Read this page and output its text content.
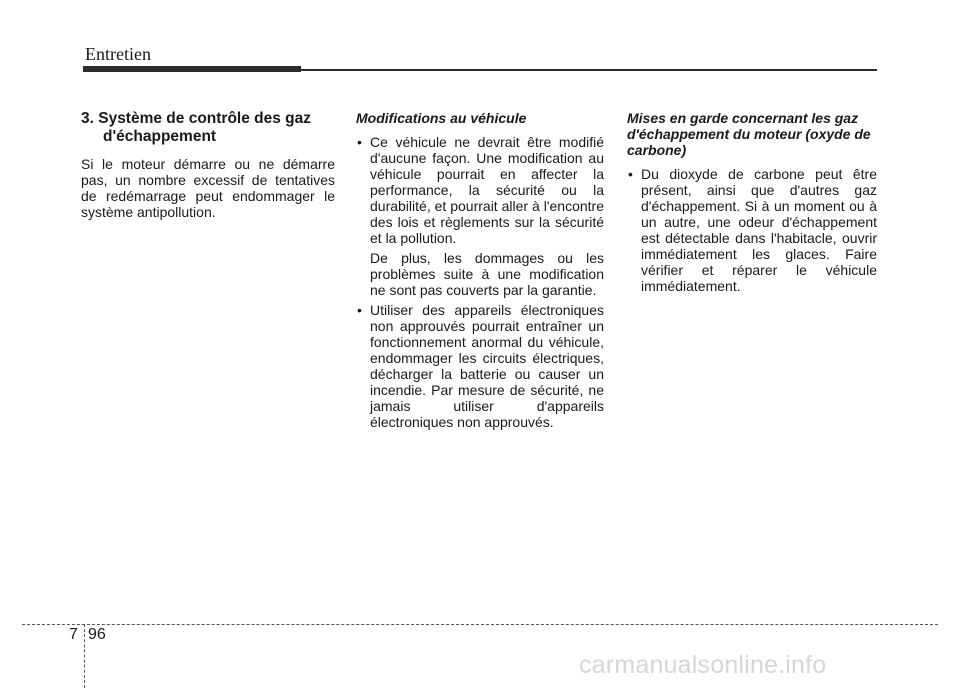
Entretien
3. Système de contrôle des gaz d'échappement

Si le moteur démarre ou ne démarre pas, un nombre excessif de tentatives de redémarrage peut endommager le système antipollution.

Modifications au véhicule
• Ce véhicule ne devrait être modifié d'aucune façon. Une modification au véhicule pourrait en affecter la performance, la sécurité ou la durabilité, et pourrait aller à l'encontre des lois et règlements sur la sécurité et la pollution.

De plus, les dommages ou les problèmes suite à une modification ne sont pas couverts par la garantie.

• Utiliser des appareils électroniques non approuvés pourrait entraîner un fonctionnement anormal du véhicule, endommager les circuits électriques, décharger la batterie ou causer un incendie. Par mesure de sécurité, ne jamais utiliser d'appareils électroniques non approuvés.

Mises en garde concernant les gaz d'échappement du moteur (oxyde de carbone)
• Du dioxyde de carbone peut être présent, ainsi que d'autres gaz d'échappement. Si à un moment ou à un autre, une odeur d'échappement est détectable dans l'habitacle, ouvrir immédiatement les glaces. Faire vérifier et réparer le véhicule immédiatement.

7 96
carmanualsonline.info
